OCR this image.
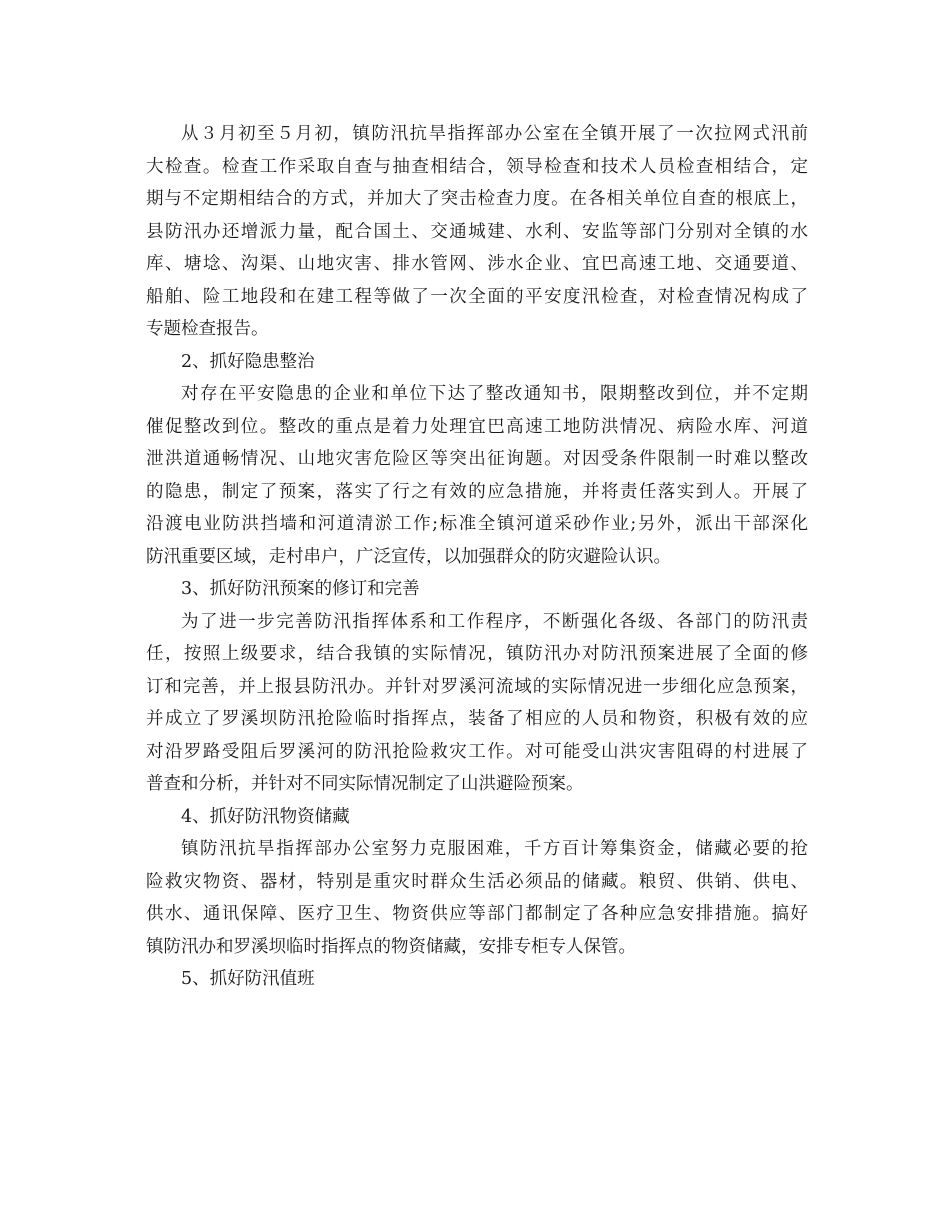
从３月初至５月初，镇防汛抗旱指挥部办公室在全镇开展了一次拉网式汛前
大检查。检查工作采取自查与抽查相结合，领导检查和技术人员检查相结合，定
期与不定期相结合的方式，并加大了突击检查力度。在各相关单位自查的根底上，
县防汛办还增派力量，配合国土、交通城建、水利、安监等部门分别对全镇的水
库、塘埝、沟渠、山地灾害、排水管网、涉水企业、宜巴高速工地、交通要道、
船舶、险工地段和在建工程等做了一次全面的平安度汛检查，对检查情况构成了
专题检查报告。
2、抓好隐患整治
对存在平安隐患的企业和单位下达了整改通知书，限期整改到位，并不定期
催促整改到位。整改的重点是着力处理宜巴高速工地防洪情况、病险水库、河道
泄洪道通畅情况、山地灾害危险区等突出征询题。对因受条件限制一时难以整改
的隐患，制定了预案，落实了行之有效的应急措施，并将责任落实到人。开展了
沿渡电业防洪挡墙和河道清淤工作;标准全镇河道采砂作业;另外，派出干部深化
防汛重要区域，走村串户，广泛宣传，以加强群众的防灾避险认识。
3、抓好防汛预案的修订和完善
为了进一步完善防汛指挥体系和工作程序，不断强化各级、各部门的防汛责
任，按照上级要求，结合我镇的实际情况，镇防汛办对防汛预案进展了全面的修
订和完善，并上报县防汛办。并针对罗溪河流域的实际情况进一步细化应急预案，
并成立了罗溪坝防汛抢险临时指挥点，装备了相应的人员和物资，积极有效的应
对沿罗路受阻后罗溪河的防汛抢险救灾工作。对可能受山洪灾害阻碍的村进展了
普查和分析，并针对不同实际情况制定了山洪避险预案。
4、抓好防汛物资储藏
镇防汛抗旱指挥部办公室努力克服困难，千方百计筹集资金，储藏必要的抢
险救灾物资、器材，特别是重灾时群众生活必须品的储藏。粮贸、供销、供电、
供水、通讯保障、医疗卫生、物资供应等部门都制定了各种应急安排措施。搞好
镇防汛办和罗溪坝临时指挥点的物资储藏，安排专柜专人保管。
5、抓好防汛值班
